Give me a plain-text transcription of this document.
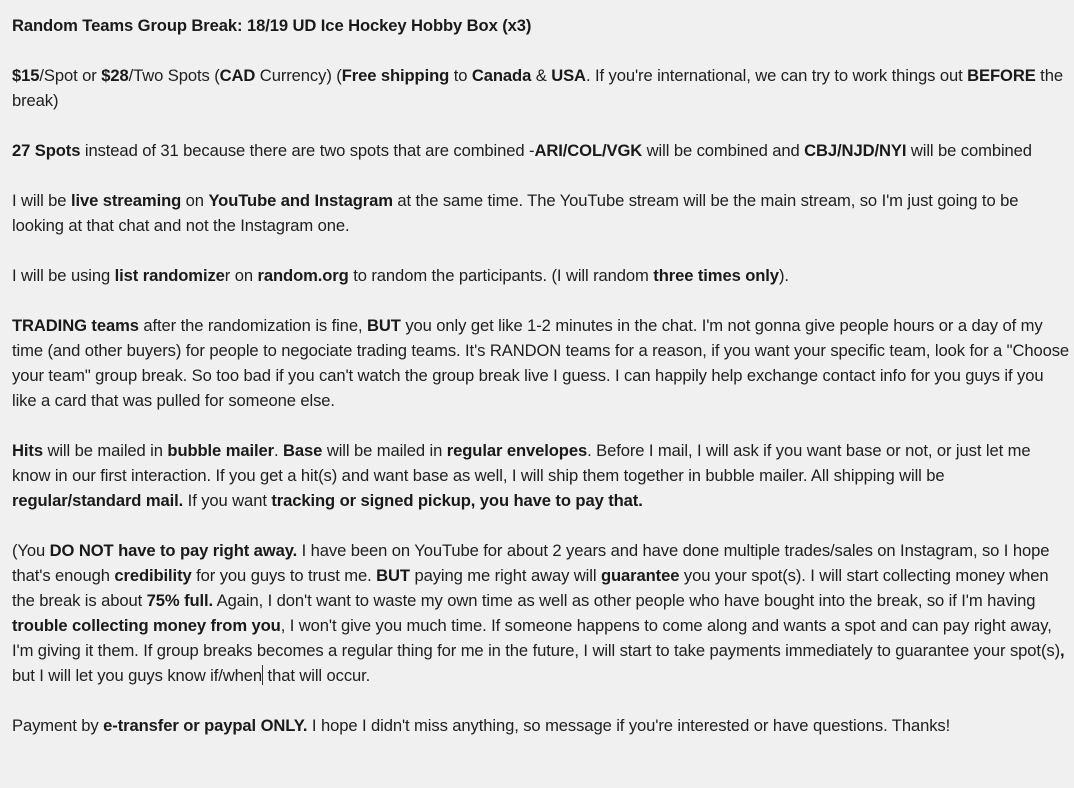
Random Teams Group Break: 18/19 UD Ice Hockey Hobby Box (x3)
$15/Spot or $28/Two Spots (CAD Currency) (Free shipping to Canada & USA. If you're international, we can try to work things out BEFORE the break)
27 Spots instead of 31 because there are two spots that are combined -ARI/COL/VGK will be combined and CBJ/NJD/NYI will be combined
I will be live streaming on YouTube and Instagram at the same time. The YouTube stream will be the main stream, so I'm just going to be looking at that chat and not the Instagram one.
I will be using list randomizer on random.org to random the participants. (I will random three times only).
TRADING teams after the randomization is fine, BUT you only get like 1-2 minutes in the chat. I'm not gonna give people hours or a day of my time (and other buyers) for people to negociate trading teams. It's RANDON teams for a reason, if you want your specific team, look for a "Choose your team" group break. So too bad if you can't watch the group break live I guess. I can happily help exchange contact info for you guys if you like a card that was pulled for someone else.
Hits will be mailed in bubble mailer. Base will be mailed in regular envelopes. Before I mail, I will ask if you want base or not, or just let me know in our first interaction. If you get a hit(s) and want base as well, I will ship them together in bubble mailer. All shipping will be regular/standard mail. If you want tracking or signed pickup, you have to pay that.
(You DO NOT have to pay right away. I have been on YouTube for about 2 years and have done multiple trades/sales on Instagram, so I hope that's enough credibility for you guys to trust me. BUT paying me right away will guarantee you your spot(s). I will start collecting money when the break is about 75% full. Again, I don't want to waste my own time as well as other people who have bought into the break, so if I'm having trouble collecting money from you, I won't give you much time. If someone happens to come along and wants a spot and can pay right away, I'm giving it them. If group breaks becomes a regular thing for me in the future, I will start to take payments immediately to guarantee your spot(s), but I will let you guys know if/when that will occur.
Payment by e-transfer or paypal ONLY. I hope I didn't miss anything, so message if you're interested or have questions. Thanks!
